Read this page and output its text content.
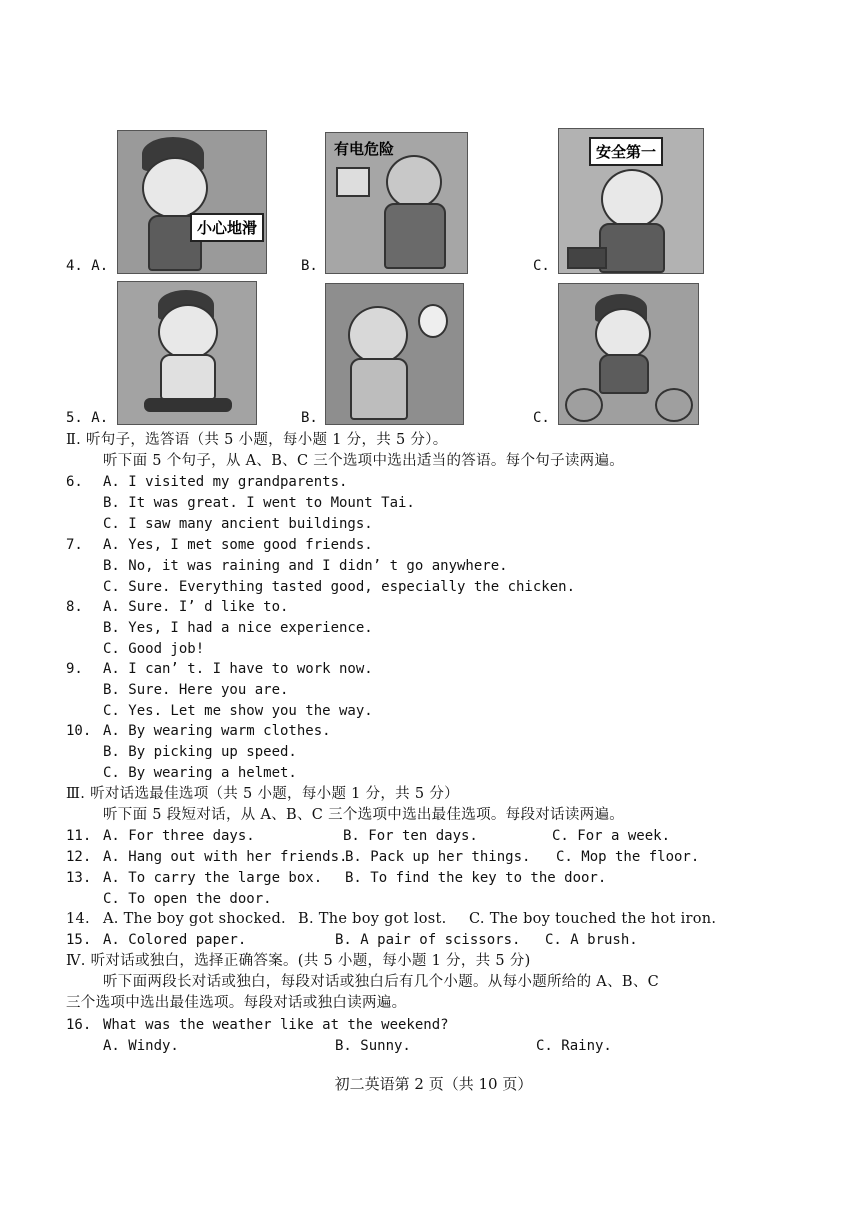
4. A.
小心地滑
B.
有电危险
C.
安全第一
5. A.	B.	C.
Ⅱ. 听句子，选答语（共 5 小题，每小题 1 分，共 5 分）。
听下面 5 个句子，从 A、B、C 三个选项中选出适当的答语。每个句子读两遍。
6. A. I visited my grandparents.
B. It was great. I went to Mount Tai.
C. I saw many ancient buildings.
7. A. Yes, I met some good friends.
B. No, it was raining and I didn’ t go anywhere.
C. Sure. Everything tasted good, especially the chicken.
8. A. Sure. I’ d like to.
B. Yes, I had a nice experience.
C. Good job!
9. A. I can’ t. I have to work now.
B. Sure. Here you are.
C. Yes. Let me show you the way.
10. A. By wearing warm clothes.
B. By picking up speed.
C. By wearing a helmet.
Ⅲ. 听对话选最佳选项（共 5 小题，每小题 1 分，共 5 分）
听下面 5 段短对话，从 A、B、C 三个选项中选出最佳选项。每段对话读两遍。
11. A. For three days.	B. For ten days.	C. For a week.
12. A. Hang out with her friends.
B. Pack up her things. C. Mop the floor.
13. A. To carry the large box. B. To find the key to the door.
C. To open the door.
14. A. The boy got shocked. B. The boy got lost. C. The boy touched the hot iron.
15. A. Colored paper.	B. A pair of scissors. C. A brush.
Ⅳ. 听对话或独白，选择正确答案。(共 5 小题，每小题 1 分，共 5 分)
听下面两段长对话或独白，每段对话或独白后有几个小题。从每小题所给的 A、B、C
三个选项中选出最佳选项。每段对话或独白读两遍。
16. What was the weather like at the weekend?
A. Windy.	B. Sunny.	C. Rainy.
初二英语第 2 页（共 10 页）
